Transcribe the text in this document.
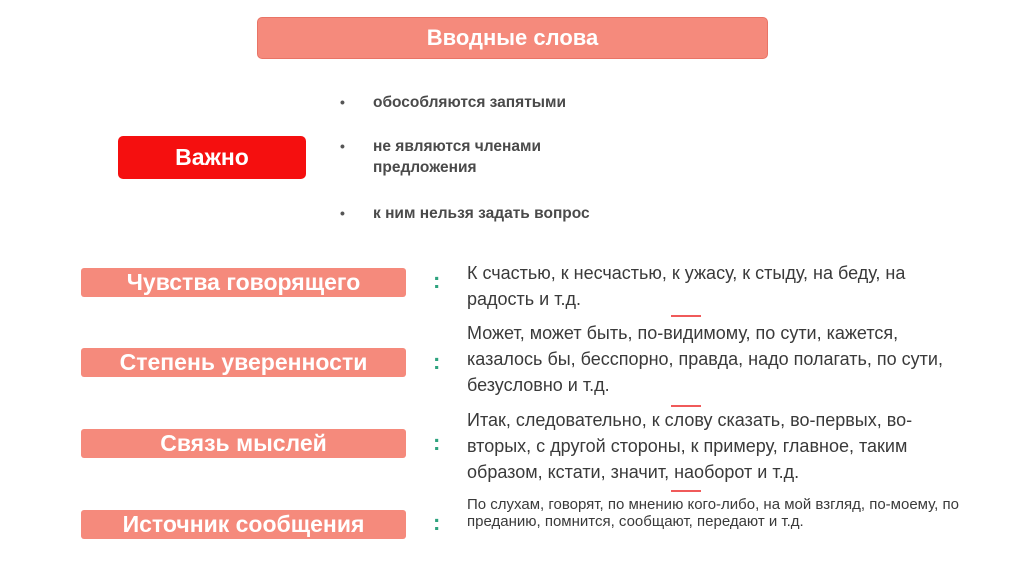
Вводные слова
Важно
• обособляются запятыми
• не являются членами предложения
• к ним нельзя задать вопрос
Чувства говорящего	: К счастью, к несчастью, к ужасу, к стыду, на беду, на радость и т.д.
Степень уверенности	:
Может, может быть, по-видимому, по сути, кажется, казалось бы, бесспорно, правда, надо полагать, по сути, безусловно и т.д.
Связь мыслей	:
Итак, следовательно, к слову сказать, во-первых, во-вторых, с другой стороны, к примеру, главное, таким образом, кстати, значит, наоборот и т.д.
Источник сообщения	:
По слухам, говорят, по мнению кого-либо, на мой взгляд, по-моему, по преданию, помнится, сообщают, передают и т.д.
